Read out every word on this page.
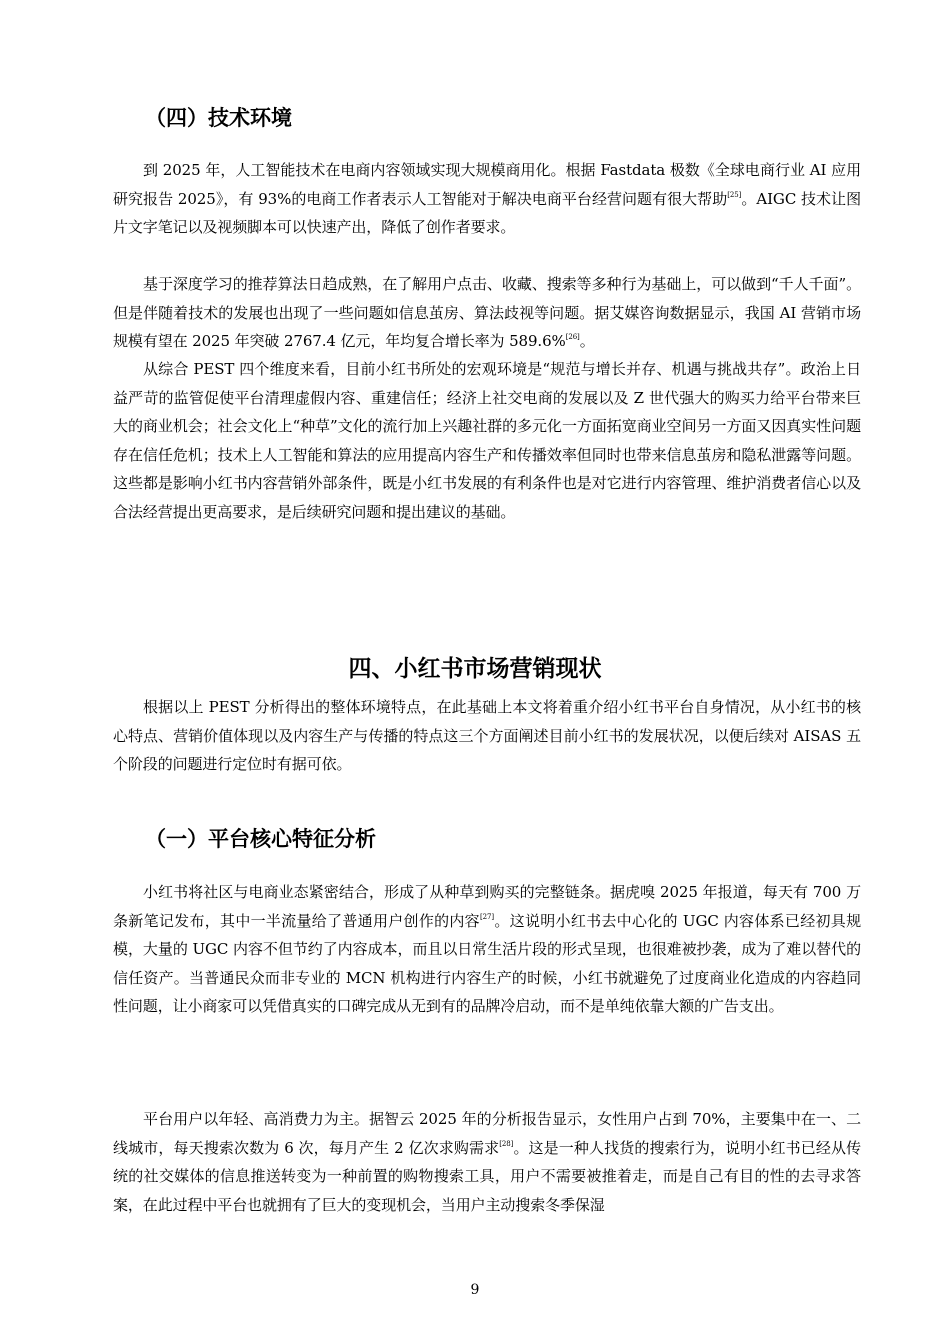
（四）技术环境

到 2025 年，人工智能技术在电商内容领域实现大规模商用化。根据 Fastdata 极数《全球电商行业 AI 应用研究报告 2025》，有 93%的电商工作者表示人工智能对于解决电商平台经营问题有很大帮助[25]。AIGC 技术让图片文字笔记以及视频脚本可以快速产出，降低了创作者要求。

基于深度学习的推荐算法日趋成熟，在了解用户点击、收藏、搜索等多种行为基础上，可以做到“千人千面”。但是伴随着技术的发展也出现了一些问题如信息茧房、算法歧视等问题。据艾媒咨询数据显示，我国 AI 营销市场规模有望在 2025 年突破 2767.4 亿元，年均复合增长率为 589.6%[26]。

从综合 PEST 四个维度来看，目前小红书所处的宏观环境是“规范与增长并存、机遇与挑战共存”。政治上日益严苛的监管促使平台清理虚假内容、重建信任；经济上社交电商的发展以及 Z 世代强大的购买力给平台带来巨大的商业机会；社会文化上“种草”文化的流行加上兴趣社群的多元化一方面拓宽商业空间另一方面又因真实性问题存在信任危机；技术上人工智能和算法的应用提高内容生产和传播效率但同时也带来信息茧房和隐私泄露等问题。这些都是影响小红书内容营销外部条件，既是小红书发展的有利条件也是对它进行内容管理、维护消费者信心以及合法经营提出更高要求，是后续研究问题和提出建议的基础。

四、小红书市场营销现状

根据以上 PEST 分析得出的整体环境特点，在此基础上本文将着重介绍小红书平台自身情况，从小红书的核心特点、营销价值体现以及内容生产与传播的特点这三个方面阐述目前小红书的发展状况，以便后续对 AISAS 五个阶段的问题进行定位时有据可依。

（一）平台核心特征分析

小红书将社区与电商业态紧密结合，形成了从种草到购买的完整链条。据虎嗅 2025 年报道，每天有 700 万条新笔记发布，其中一半流量给了普通用户创作的内容[27]。这说明小红书去中心化的 UGC 内容体系已经初具规模，大量的 UGC 内容不但节约了内容成本，而且以日常生活片段的形式呈现，也很难被抄袭，成为了难以替代的信任资产。当普通民众而非专业的 MCN 机构进行内容生产的时候，小红书就避免了过度商业化造成的内容趋同性问题，让小商家可以凭借真实的口碑完成从无到有的品牌冷启动，而不是单纯依靠大额的广告支出。

平台用户以年轻、高消费力为主。据智云 2025 年的分析报告显示，女性用户占到 70%，主要集中在一、二线城市，每天搜索次数为 6 次，每月产生 2 亿次求购需求[28]。这是一种人找货的搜索行为，说明小红书已经从传统的社交媒体的信息推送转变为一种前置的购物搜索工具，用户不需要被推着走，而是自己有目的性的去寻求答案，在此过程中平台也就拥有了巨大的变现机会，当用户主动搜索冬季保湿

9
